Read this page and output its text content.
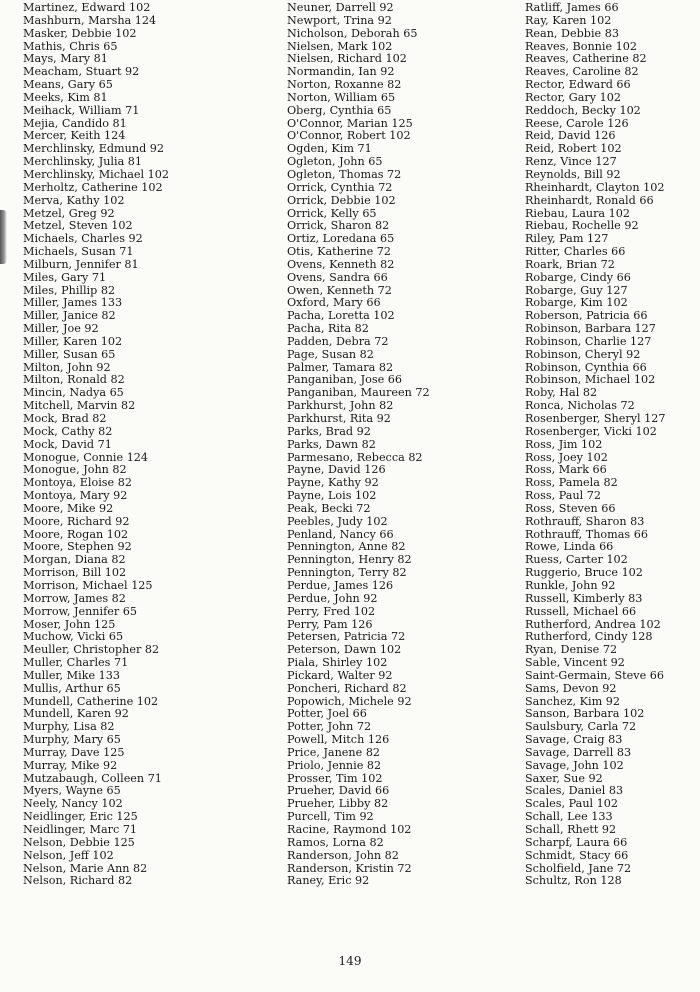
Martinez, Edward 102
Mashburn, Marsha 124
Masker, Debbie 102
Mathis, Chris 65
Mays, Mary 81
Meacham, Stuart 92
Means, Gary 65
Meeks, Kim 81
Meihack, William 71
Mejia, Candido 81
Mercer, Keith 124
Merchlinsky, Edmund 92
Merchlinsky, Julia 81
Merchlinsky, Michael 102
Merholtz, Catherine 102
Merva, Kathy 102
Metzel, Greg 92
Metzel, Steven 102
Michaels, Charles 92
Michaels, Susan 71
Milburn, Jennifer 81
Miles, Gary 71
Miles, Phillip 82
Miller, James 133
Miller, Janice 82
Miller, Joe 92
Miller, Karen 102
Miller, Susan 65
Milton, John 92
Milton, Ronald 82
Mincin, Nadya 65
Mitchell, Marvin 82
Mock, Brad 82
Mock, Cathy 82
Mock, David 71
Monogue, Connie 124
Monogue, John 82
Montoya, Eloise 82
Montoya, Mary 92
Moore, Mike 92
Moore, Richard 92
Moore, Rogan 102
Moore, Stephen 92
Morgan, Diana 82
Morrison, Bill 102
Morrison, Michael 125
Morrow, James 82
Morrow, Jennifer 65
Moser, John 125
Muchow, Vicki 65
Meuller, Christopher 82
Muller, Charles 71
Muller, Mike 133
Mullis, Arthur 65
Mundell, Catherine 102
Mundell, Karen 92
Murphy, Lisa 82
Murphy, Mary 65
Murray, Dave 125
Murray, Mike 92
Mutzabaugh, Colleen 71
Myers, Wayne 65
Neely, Nancy 102
Neidlinger, Eric 125
Neidlinger, Marc 71
Nelson, Debbie 125
Nelson, Jeff 102
Nelson, Marie Ann 82
Nelson, Richard 82
Neuner, Darrell 92
Newport, Trina 92
Nicholson, Deborah 65
Nielsen, Mark 102
Nielsen, Richard 102
Normandin, Ian 92
Norton, Roxanne 82
Norton, William 65
Oberg, Cynthia 65
O'Connor, Marian 125
O'Connor, Robert 102
Ogden, Kim 71
Ogleton, John 65
Ogleton, Thomas 72
Orrick, Cynthia 72
Orrick, Debbie 102
Orrick, Kelly 65
Orrick, Sharon 82
Ortiz, Loredana 65
Otis, Katherine 72
Ovens, Kenneth 82
Ovens, Sandra 66
Owen, Kenneth 72
Oxford, Mary 66
Pacha, Loretta 102
Pacha, Rita 82
Padden, Debra 72
Page, Susan 82
Palmer, Tamara 82
Panganiban, Jose 66
Panganiban, Maureen 72
Parkhurst, John 82
Parkhurst, Rita 92
Parks, Brad 92
Parks, Dawn 82
Parmesano, Rebecca 82
Payne, David 126
Payne, Kathy 92
Payne, Lois 102
Peak, Becki 72
Peebles, Judy 102
Penland, Nancy 66
Pennington, Anne 82
Pennington, Henry 82
Pennington, Terry 82
Perdue, James 126
Perdue, John 92
Perry, Fred 102
Perry, Pam 126
Petersen, Patricia 72
Peterson, Dawn 102
Piala, Shirley 102
Pickard, Walter 92
Poncheri, Richard 82
Popowich, Michele 92
Potter, Joel 66
Potter, John 72
Powell, Mitch 126
Price, Janene 82
Priolo, Jennie 82
Prosser, Tim 102
Prueher, David 66
Prueher, Libby 82
Purcell, Tim 92
Racine, Raymond 102
Ramos, Lorna 82
Randerson, John 82
Randerson, Kristin 72
Raney, Eric 92
Ratliff, James 66
Ray, Karen 102
Rean, Debbie 83
Reaves, Bonnie 102
Reaves, Catherine 82
Reaves, Caroline 82
Rector, Edward 66
Rector, Gary 102
Reddoch, Becky 102
Reese, Carole 126
Reid, David 126
Reid, Robert 102
Renz, Vince 127
Reynolds, Bill 92
Rheinhardt, Clayton 102
Rheinhardt, Ronald 66
Riebau, Laura 102
Riebau, Rochelle 92
Riley, Pam 127
Ritter, Charles 66
Roark, Brian 72
Robarge, Cindy 66
Robarge, Guy 127
Robarge, Kim 102
Roberson, Patricia 66
Robinson, Barbara 127
Robinson, Charlie 127
Robinson, Cheryl 92
Robinson, Cynthia 66
Robinson, Michael 102
Roby, Hal 82
Ronca, Nicholas 72
Rosenberger, Sheryl 127
Rosenberger, Vicki 102
Ross, Jim 102
Ross, Joey 102
Ross, Mark 66
Ross, Pamela 82
Ross, Paul 72
Ross, Steven 66
Rothrauff, Sharon 83
Rothrauff, Thomas 66
Rowe, Linda 66
Ruess, Carter 102
Ruggerio, Bruce 102
Runkle, John 92
Russell, Kimberly 83
Russell, Michael 66
Rutherford, Andrea 102
Rutherford, Cindy 128
Ryan, Denise 72
Sable, Vincent 92
Saint-Germain, Steve 66
Sams, Devon 92
Sanchez, Kim 92
Sanson, Barbara 102
Saulsbury, Carla 72
Savage, Craig 83
Savage, Darrell 83
Savage, John 102
Saxer, Sue 92
Scales, Daniel 83
Scales, Paul 102
Schall, Lee 133
Schall, Rhett 92
Scharpf, Laura 66
Schmidt, Stacy 66
Scholfield, Jane 72
Schultz, Ron 128
149
